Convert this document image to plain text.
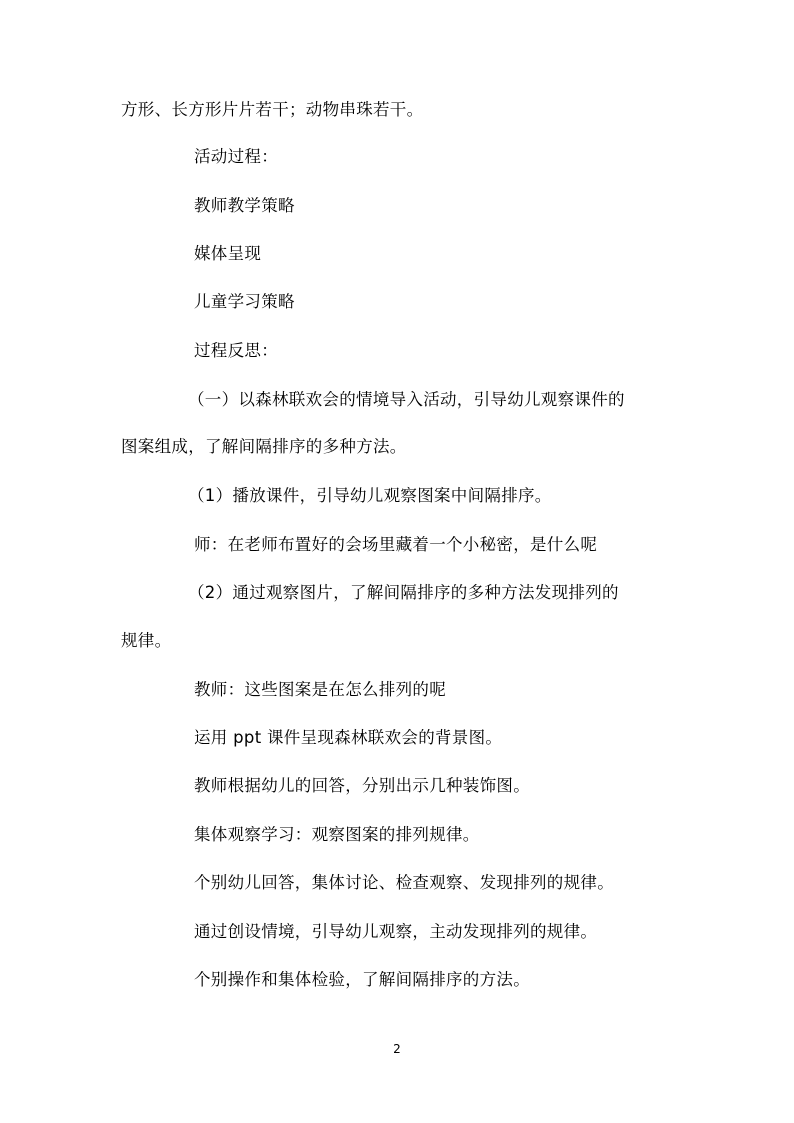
方形、长方形片片若干；动物串珠若干。
活动过程：
教师教学策略
媒体呈现
儿童学习策略
过程反思：
（一）以森林联欢会的情境导入活动，引导幼儿观察课件的
图案组成，了解间隔排序的多种方法。
（1）播放课件，引导幼儿观察图案中间隔排序。
师：在老师布置好的会场里藏着一个小秘密，是什么呢
（2）通过观察图片，了解间隔排序的多种方法发现排列的
规律。
教师：这些图案是在怎么排列的呢
运用 ppt 课件呈现森林联欢会的背景图。
教师根据幼儿的回答，分别出示几种装饰图。
集体观察学习：观察图案的排列规律。
个别幼儿回答，集体讨论、检查观察、发现排列的规律。
通过创设情境，引导幼儿观察，主动发现排列的规律。
个别操作和集体检验，了解间隔排序的方法。
2
